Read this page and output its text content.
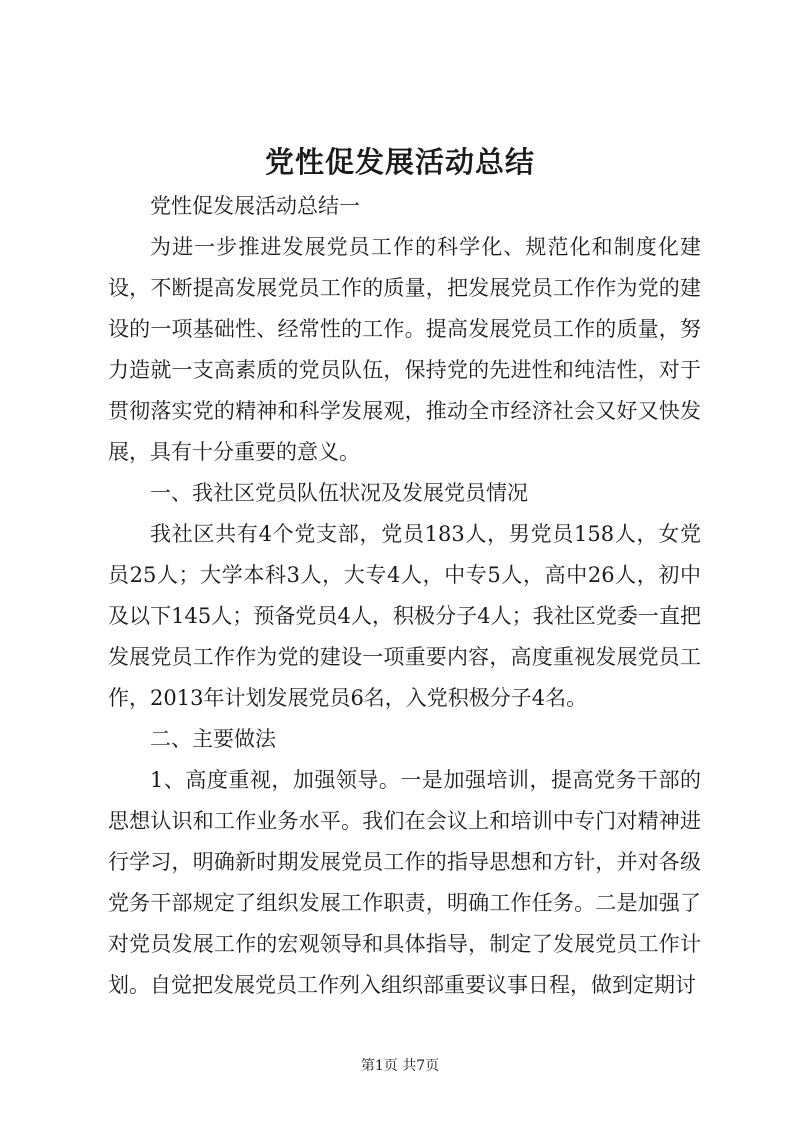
党性促发展活动总结

党性促发展活动总结一

为进一步推进发展党员工作的科学化、规范化和制度化建设，不断提高发展党员工作的质量，把发展党员工作作为党的建设的一项基础性、经常性的工作。提高发展党员工作的质量，努力造就一支高素质的党员队伍，保持党的先进性和纯洁性，对于贯彻落实党的精神和科学发展观，推动全市经济社会又好又快发展，具有十分重要的意义。

一、我社区党员队伍状况及发展党员情况

我社区共有4个党支部，党员183人，男党员158人，女党员25人；大学本科3人，大专4人，中专5人，高中26人，初中及以下145人；预备党员4人，积极分子4人；我社区党委一直把发展党员工作作为党的建设一项重要内容，高度重视发展党员工作，2013年计划发展党员6名，入党积极分子4名。

二、主要做法

1、高度重视，加强领导。一是加强培训，提高党务干部的思想认识和工作业务水平。我们在会议上和培训中专门对精神进行学习，明确新时期发展党员工作的指导思想和方针，并对各级党务干部规定了组织发展工作职责，明确工作任务。二是加强了对党员发展工作的宏观领导和具体指导，制定了发展党员工作计划。自觉把发展党员工作列入组织部重要议事日程，做到定期讨

第1页 共7页
